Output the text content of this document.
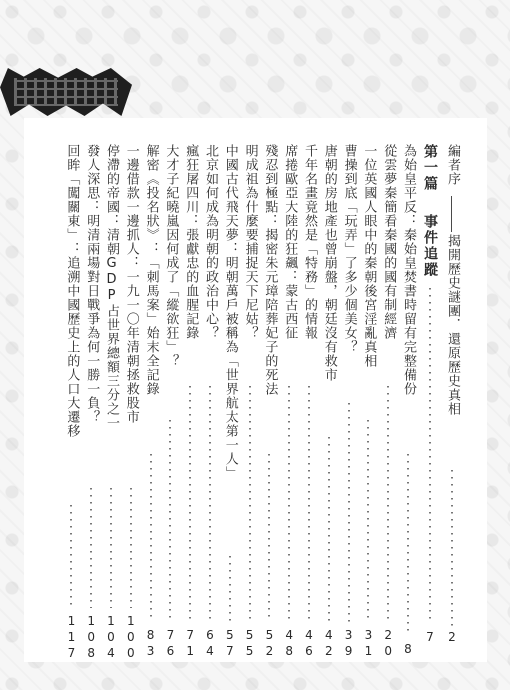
編者序
揭開歷史謎團．還原歷史真相
2
第一篇
事件追蹤
7
為始皇平反：秦始皇焚書時留有完整備份
8
從雲夢秦簡看秦國的國有制經濟
20
一位英國人眼中的秦朝後宮淫亂真相
31
曹操到底「玩弄」了多少個美女？
39
唐朝的房地產也曾崩盤，朝廷沒有救市
42
千年名畫竟然是「特務」的情報
46
席捲歐亞大陸的狂飆：蒙古西征
48
殘忍到極點：揭密朱元璋陪葬妃子的死法
52
明成祖為什麼要捕捉天下尼姑？
55
中國古代飛天夢：明朝萬戶被稱為「世界航太第一人」
57
北京如何成為明朝的政治中心？
64
瘋狂屠四川：張獻忠的血腥記錄
71
大才子紀曉嵐因何成了「縱欲狂」？
76
解密《投名狀》：「刺馬案」始末全記錄
83
一邊借款一邊抓人：一九一〇年清朝拯救股市
100
停滯的帝國：清朝GDP占世界總額三分之一
104
發人深思：明清兩場對日戰爭為何一勝一負？
108
回眸「闖關東」：追溯中國歷史上的人口大遷移
117
